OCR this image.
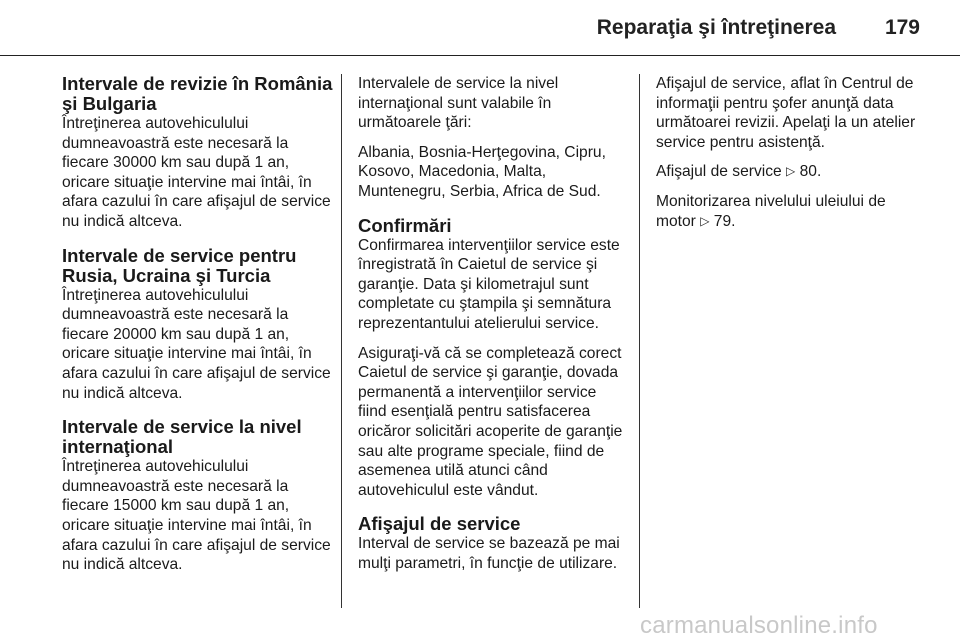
Reparaţia şi întreţinerea 179
Intervale de revizie în România şi Bulgaria

Întreţinerea autovehiculului dumneavoastră este necesară la fiecare 30000 km sau după 1 an, oricare situaţie intervine mai întâi, în afara cazului în care afişajul de service nu indică altceva.

Intervale de service pentru Rusia, Ucraina şi Turcia

Întreţinerea autovehiculului dumneavoastră este necesară la fiecare 20000 km sau după 1 an, oricare situaţie intervine mai întâi, în afara cazului în care afişajul de service nu indică altceva.

Intervale de service la nivel internaţional

Întreţinerea autovehiculului dumneavoastră este necesară la fiecare 15000 km sau după 1 an, oricare situaţie intervine mai întâi, în afara cazului în care afişajul de service nu indică altceva.

Intervalele de service la nivel internaţional sunt valabile în următoarele ţări:

Albania, Bosnia-Herţegovina, Cipru, Kosovo, Macedonia, Malta, Muntenegru, Serbia, Africa de Sud.

Confirmări

Confirmarea intervenţiilor service este înregistrată în Caietul de service şi garanţie. Data şi kilometrajul sunt completate cu ştampila şi semnătura reprezentantului atelierului service.

Asiguraţi-vă că se completează corect Caietul de service şi garanţie, dovada permanentă a intervenţiilor service fiind esenţială pentru satisfacerea oricăror solicitări acoperite de garanţie sau alte programe speciale, fiind de asemenea utilă atunci când autovehiculul este vândut.

Afişajul de service

Interval de service se bazează pe mai mulţi parametri, în funcţie de utilizare.

Afişajul de service, aflat în Centrul de informaţii pentru şofer anunţă data următoarei revizii. Apelaţi la un atelier service pentru asistenţă.

Afişajul de service ▷ 80.

Monitorizarea nivelului uleiului de motor ▷ 79.

carmanualsonline.info
